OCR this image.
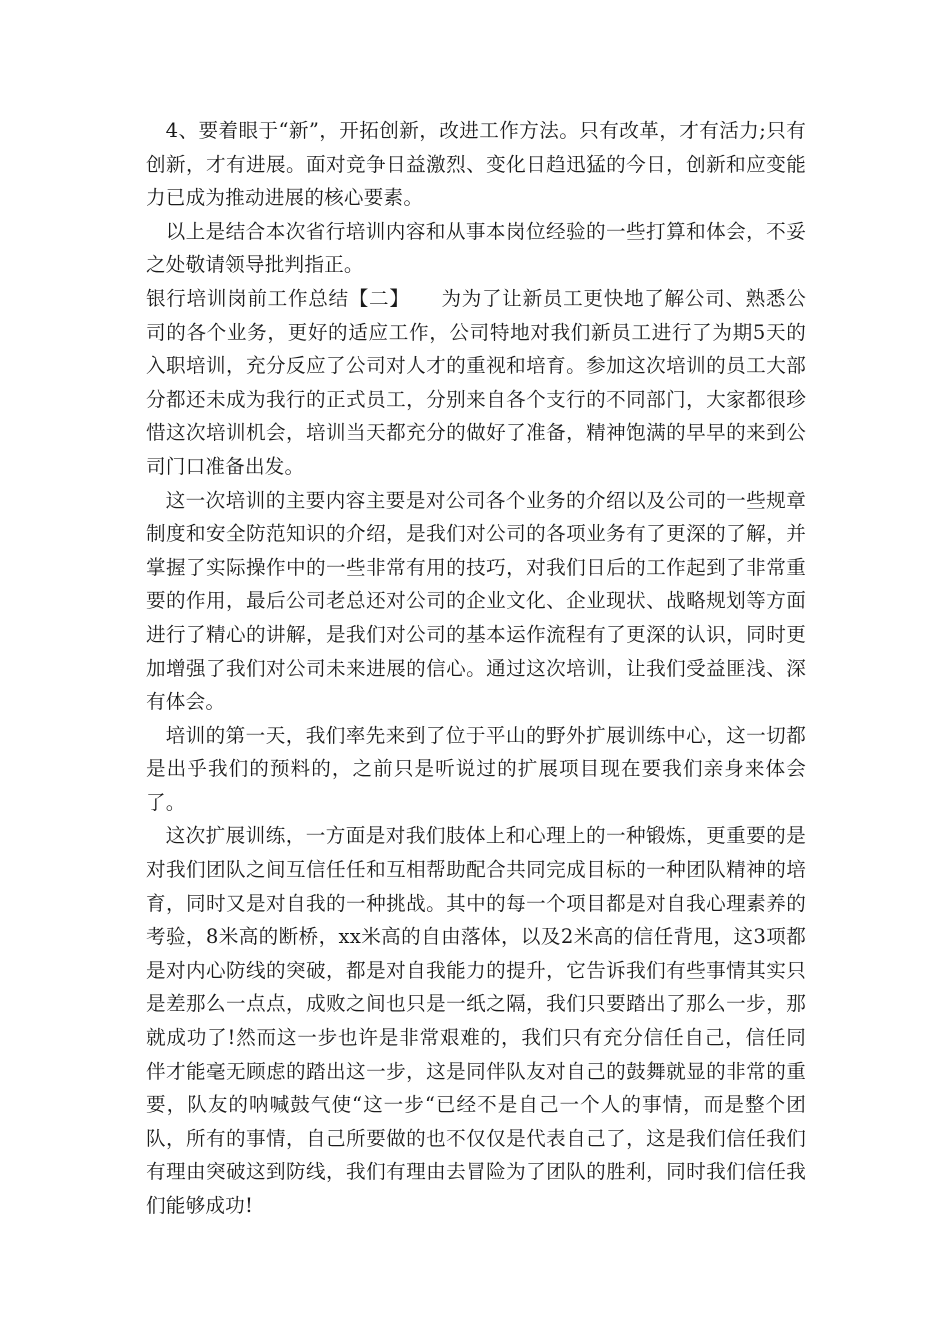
4、要着眼于“新”，开拓创新，改进工作方法。只有改革，才有活力;只有创新，才有进展。面对竞争日益激烈、变化日趋迅猛的今日，创新和应变能力已成为推动进展的核心要素。

以上是结合本次省行培训内容和从事本岗位经验的一些打算和体会，不妥之处敬请领导批判指正。

银行培训岗前工作总结【二】 为为了让新员工更快地了解公司、熟悉公司的各个业务，更好的适应工作，公司特地对我们新员工进行了为期5天的入职培训，充分反应了公司对人才的重视和培育。参加这次培训的员工大部分都还未成为我行的正式员工，分别来自各个支行的不同部门，大家都很珍惜这次培训机会，培训当天都充分的做好了准备，精神饱满的早早的来到公司门口准备出发。

这一次培训的主要内容主要是对公司各个业务的介绍以及公司的一些规章制度和安全防范知识的介绍，是我们对公司的各项业务有了更深的了解，并掌握了实际操作中的一些非常有用的技巧，对我们日后的工作起到了非常重要的作用，最后公司老总还对公司的企业文化、企业现状、战略规划等方面进行了精心的讲解，是我们对公司的基本运作流程有了更深的认识，同时更加增强了我们对公司未来进展的信心。通过这次培训，让我们受益匪浅、深有体会。

培训的第一天，我们率先来到了位于平山的野外扩展训练中心，这一切都是出乎我们的预料的，之前只是听说过的扩展项目现在要我们亲身来体会了。

这次扩展训练，一方面是对我们肢体上和心理上的一种锻炼，更重要的是对我们团队之间互信任任和互相帮助配合共同完成目标的一种团队精神的培育，同时又是对自我的一种挑战。其中的每一个项目都是对自我心理素养的考验，8米高的断桥，xx米高的自由落体，以及2米高的信任背甩，这3项都是对内心防线的突破，都是对自我能力的提升，它告诉我们有些事情其实只是差那么一点点，成败之间也只是一纸之隔，我们只要踏出了那么一步，那就成功了!然而这一步也许是非常艰难的，我们只有充分信任自己，信任同伴才能毫无顾虑的踏出这一步，这是同伴队友对自己的鼓舞就显的非常的重要，队友的呐喊鼓气使“这一步“已经不是自己一个人的事情，而是整个团队，所有的事情，自己所要做的也不仅仅是代表自己了，这是我们信任我们有理由突破这到防线，我们有理由去冒险为了团队的胜利，同时我们信任我们能够成功!
